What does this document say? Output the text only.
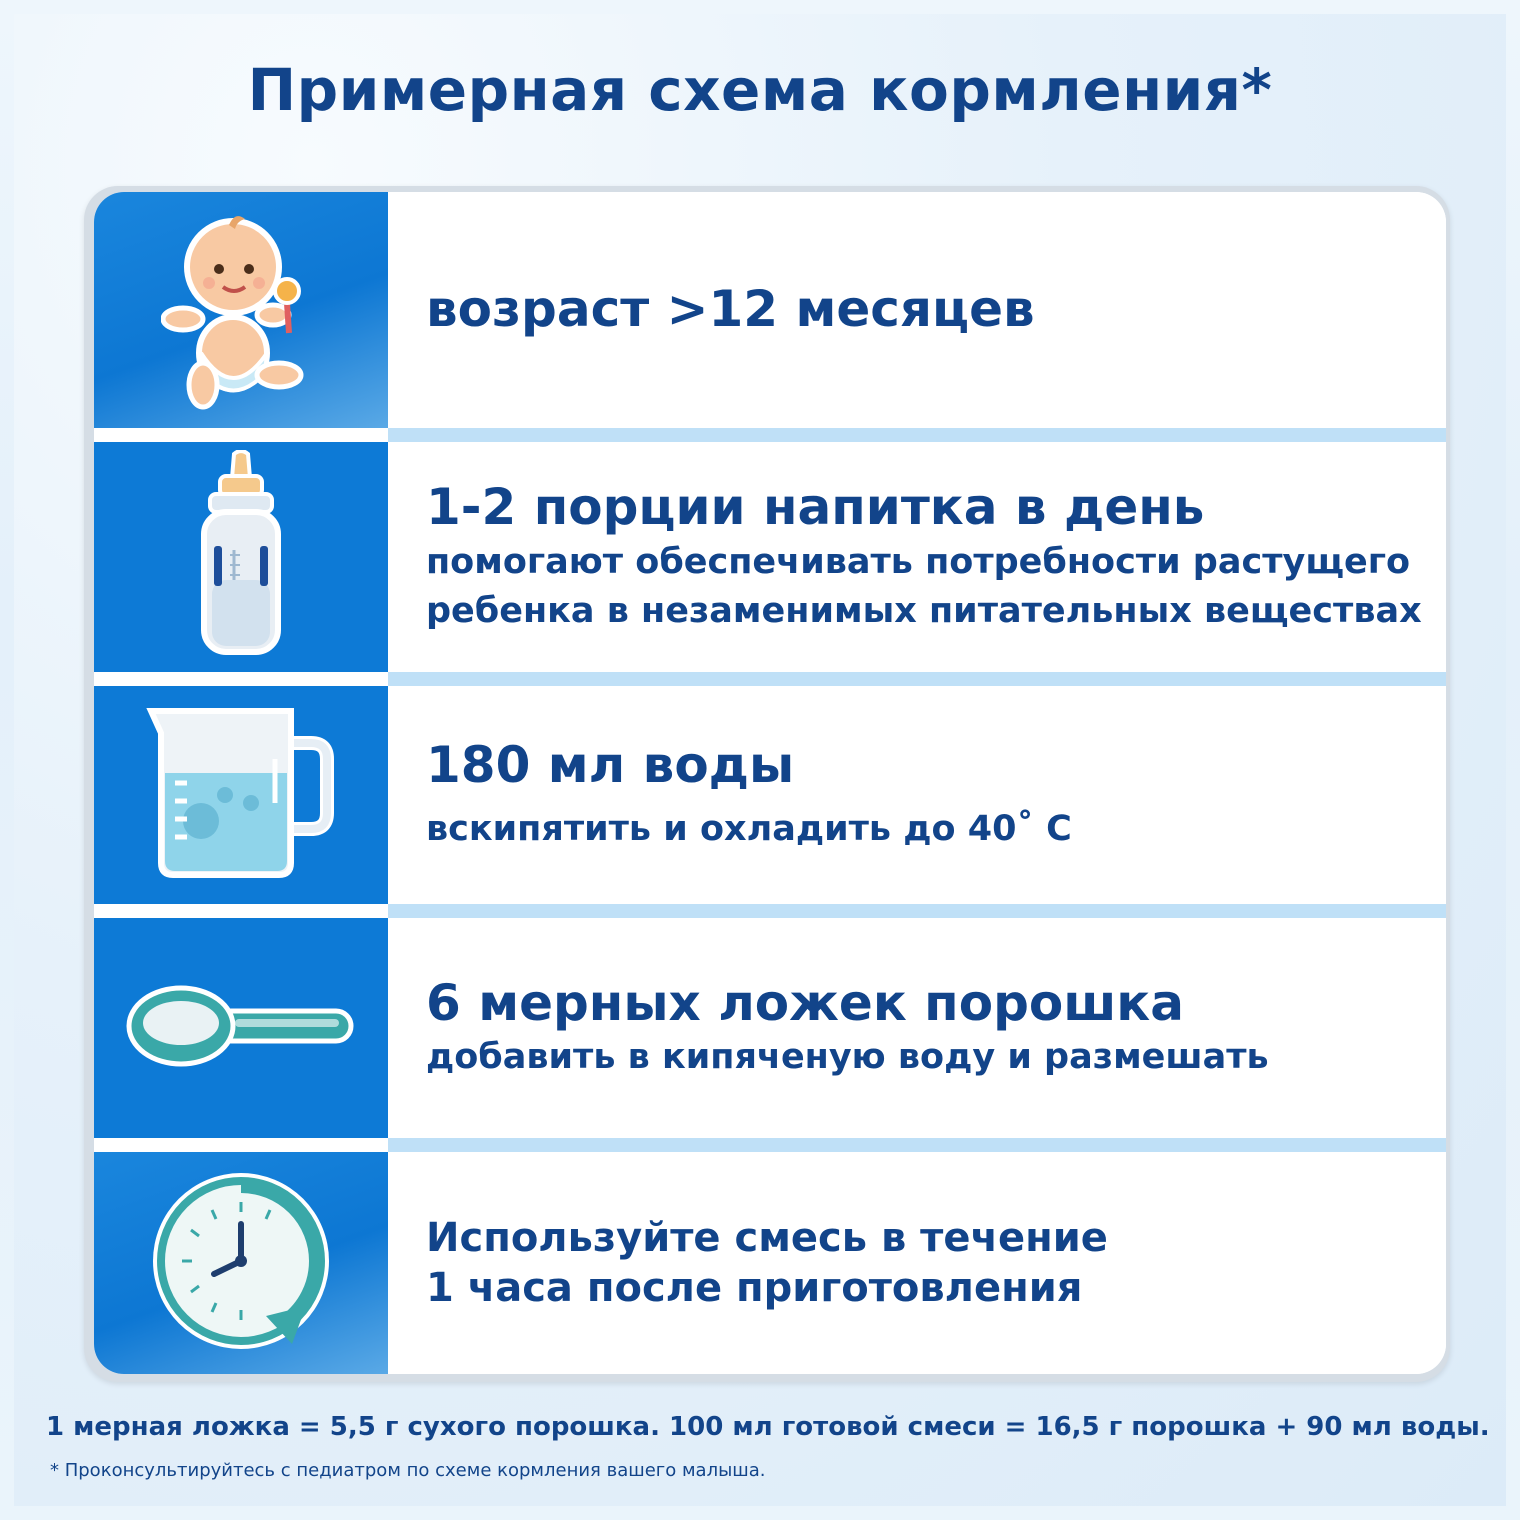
Примерная схема кормления*
возраст >12 месяцев
1-2 порции напитка в день
помогают обеспечивать потребности растущего ребенка в незаменимых питательных веществах
180 мл воды
вскипятить и охладить до 40˚ С
6 мерных ложек порошка
добавить в кипяченую воду и размешать
Используйте смесь в течение 1 часа после приготовления
1 мерная ложка = 5,5 г сухого порошка. 100 мл готовой смеси = 16,5 г порошка + 90 мл воды.
* Проконсультируйтесь с педиатром по схеме кормления вашего малыша.
